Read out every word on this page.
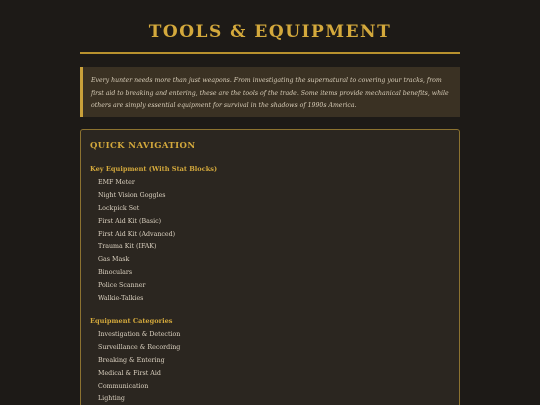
TOOLS & EQUIPMENT
Every hunter needs more than just weapons. From investigating the supernatural to covering your tracks, from first aid to breaking and entering, these are the tools of the trade. Some items provide mechanical benefits, while others are simply essential equipment for survival in the shadows of 1990s America.
QUICK NAVIGATION
Key Equipment (With Stat Blocks)
EMF Meter
Night Vision Goggles
Lockpick Set
First Aid Kit (Basic)
First Aid Kit (Advanced)
Trauma Kit (IFAK)
Gas Mask
Binoculars
Police Scanner
Walkie-Talkies
Equipment Categories
Investigation & Detection
Surveillance & Recording
Breaking & Entering
Medical & First Aid
Communication
Lighting
